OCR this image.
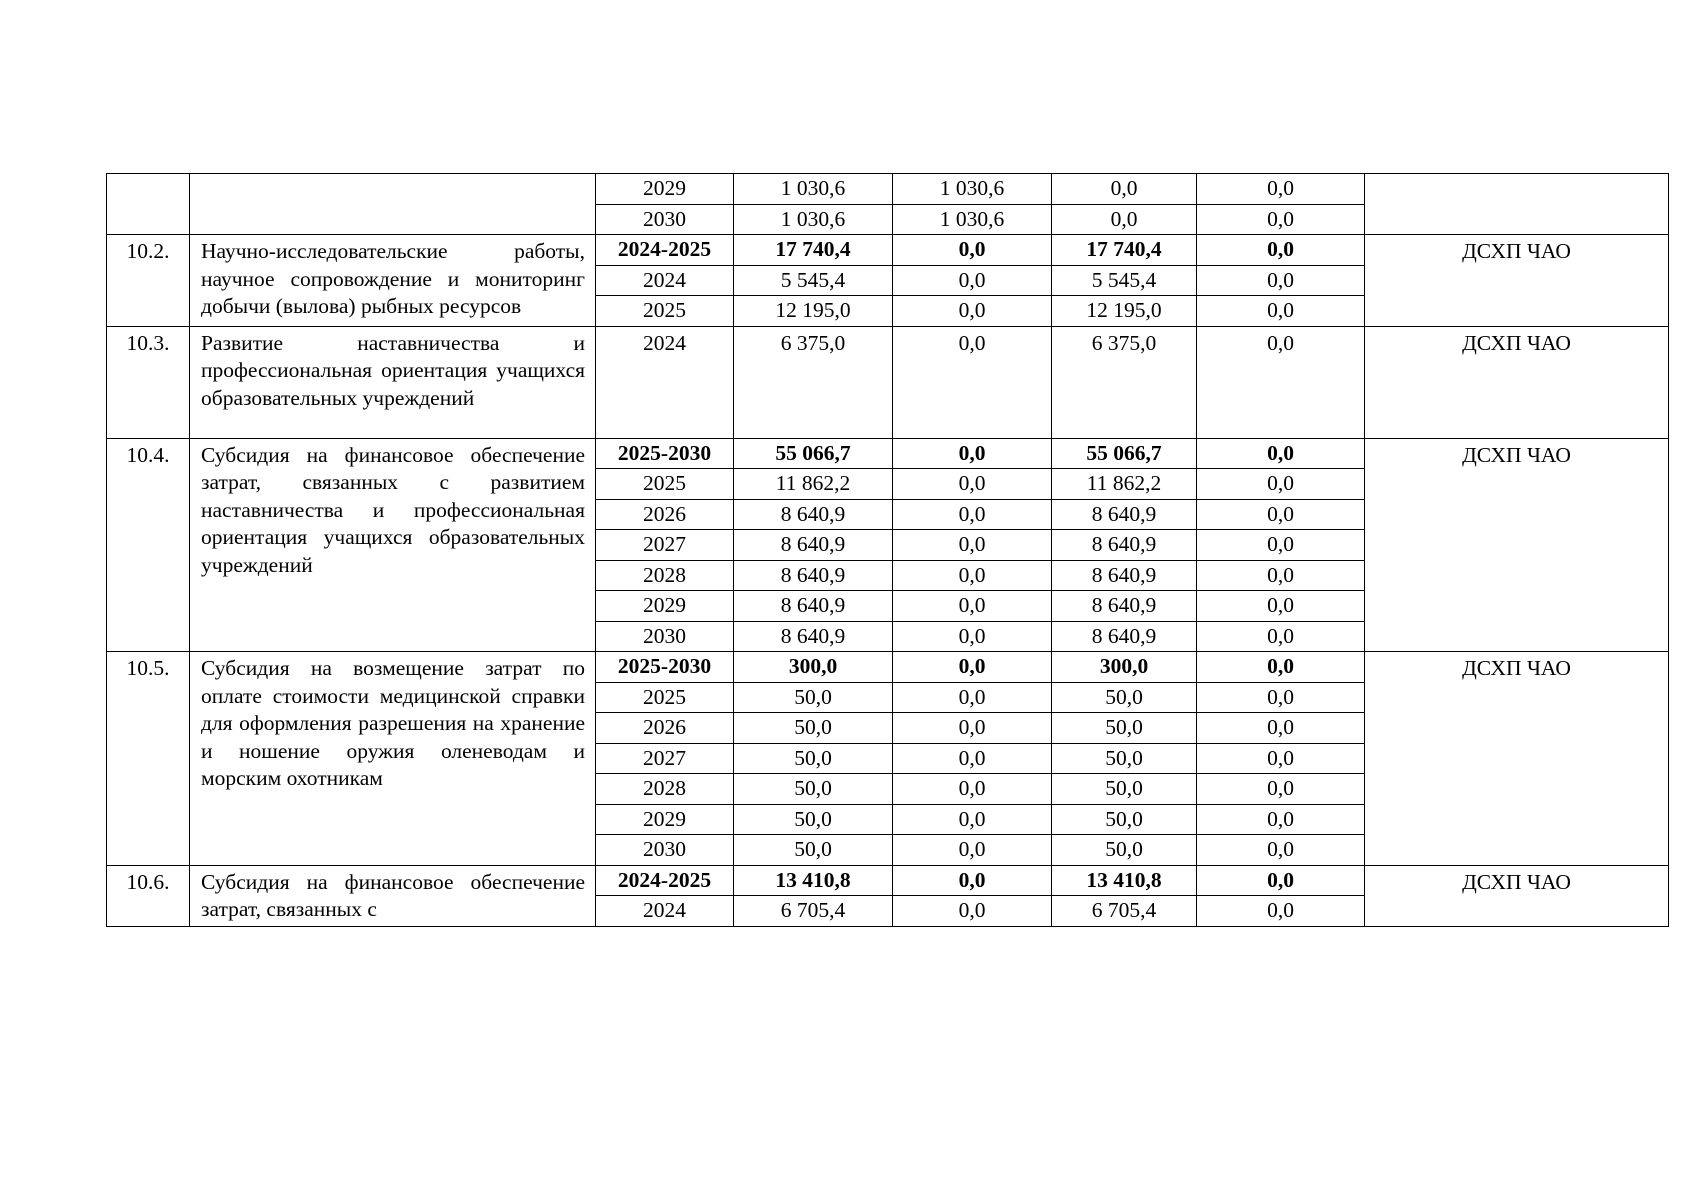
		2029	1 030,6	1 030,6	0,0	0,0	
		2030	1 030,6	1 030,6	0,0	0,0	
10.2.	Научно-исследовательские работы, научное сопровождение и мониторинг добычи (вылова) рыбных ресурсов	2024-2025	17 740,4	0,0	17 740,4	0,0	ДСХП ЧАО
		2024	5 545,4	0,0	5 545,4	0,0	
		2025	12 195,0	0,0	12 195,0	0,0	
10.3.	Развитие наставничества и профессиональная ориентация учащихся образовательных учреждений	2024	6 375,0	0,0	6 375,0	0,0	ДСХП ЧАО
10.4.	Субсидия на финансовое обеспечение затрат, связанных с развитием наставничества и профессиональная ориентация учащихся образовательных учреждений	2025-2030	55 066,7	0,0	55 066,7	0,0	ДСХП ЧАО
		2025	11 862,2	0,0	11 862,2	0,0	
		2026	8 640,9	0,0	8 640,9	0,0	
		2027	8 640,9	0,0	8 640,9	0,0	
		2028	8 640,9	0,0	8 640,9	0,0	
		2029	8 640,9	0,0	8 640,9	0,0	
		2030	8 640,9	0,0	8 640,9	0,0	
10.5.	Субсидия на возмещение затрат по оплате стоимости медицинской справки для оформления разрешения на хранение и ношение оружия оленеводам и морским охотникам	2025-2030	300,0	0,0	300,0	0,0	ДСХП ЧАО
		2025	50,0	0,0	50,0	0,0	
		2026	50,0	0,0	50,0	0,0	
		2027	50,0	0,0	50,0	0,0	
		2028	50,0	0,0	50,0	0,0	
		2029	50,0	0,0	50,0	0,0	
		2030	50,0	0,0	50,0	0,0	
10.6.	Субсидия на финансовое обеспечение затрат, связанных с	2024-2025	13 410,8	0,0	13 410,8	0,0	ДСХП ЧАО
		2024	6 705,4	0,0	6 705,4	0,0	
